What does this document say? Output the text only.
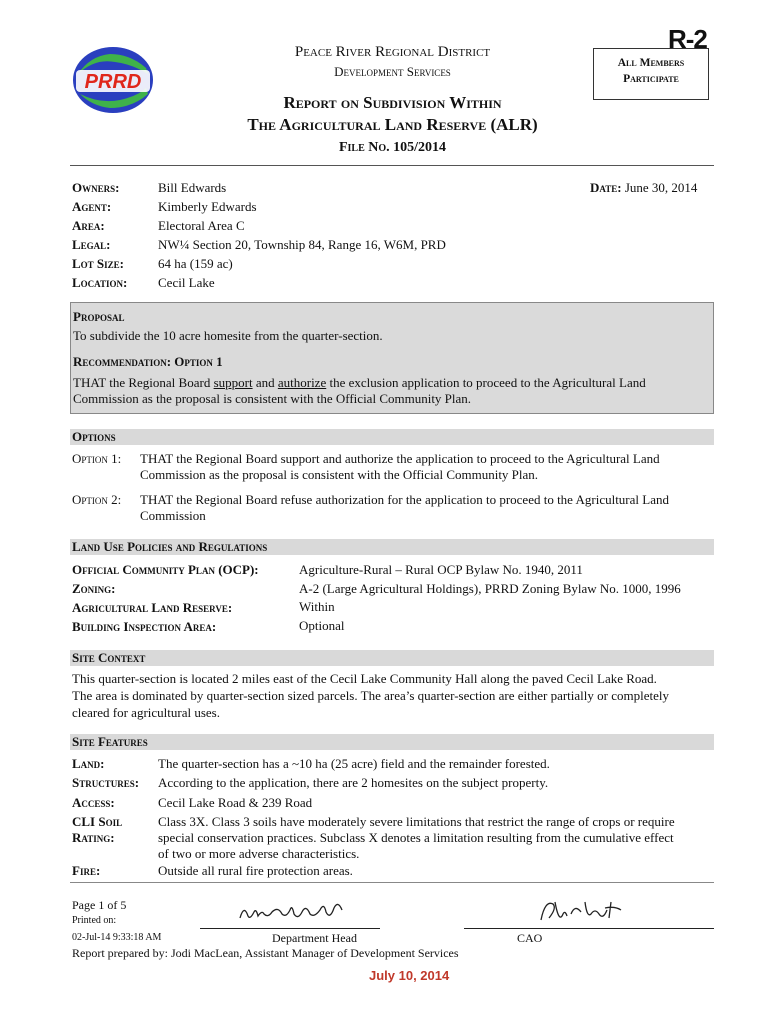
PRRD
Peace River Regional District
Development Services
Report on Subdivision Within
The Agricultural Land Reserve (ALR)
File No. 105/2014
R-2
All Members
Participate
Owners:	Bill Edwards
Agent:	Kimberly Edwards
Area:	Electoral Area C
Legal:	NW¼ Section 20, Township 84, Range 16, W6M, PRD
Lot Size:	64 ha (159 ac)
Location: Cecil Lake
Date: June 30, 2014
Proposal
To subdivide the 10 acre homesite from the quarter-section.
Recommendation: Option 1
THAT the Regional Board support and authorize the exclusion application to proceed to the Agricultural Land
Commission as the proposal is consistent with the Official Community Plan.
Options
Option 1: THAT the Regional Board support and authorize the application to proceed to the Agricultural Land
Commission as the proposal is consistent with the Official Community Plan.
Option 2: THAT the Regional Board refuse authorization for the application to proceed to the Agricultural Land
Commission
Land Use Policies and Regulations
Official Community Plan (OCP):	Agriculture-Rural – Rural OCP Bylaw No. 1940, 2011
Zoning:	A-2 (Large Agricultural Holdings), PRRD Zoning Bylaw No. 1000, 1996
Agricultural Land Reserve:	Within
Building Inspection Area:	Optional
Site Context
This quarter-section is located 2 miles east of the Cecil Lake Community Hall along the paved Cecil Lake Road.
The area is dominated by quarter-section sized parcels. The area’s quarter-section are either partially or completely
cleared for agricultural uses.
Site Features
Land:	The quarter-section has a ~10 ha (25 acre) field and the remainder forested.
Structures: According to the application, there are 2 homesites on the subject property.
Access:	Cecil Lake Road & 239 Road
CLI Soil
Rating:
Class 3X. Class 3 soils have moderately severe limitations that restrict the range of crops or require
special conservation practices. Subclass X denotes a limitation resulting from the cumulative effect
of two or more adverse characteristics.
Fire:	Outside all rural fire protection areas.
Page 1 of 5
Printed on:
02-Jul-14 9:33:18 AM	Department Head	CAO
Report prepared by: Jodi MacLean, Assistant Manager of Development Services
July 10, 2014
